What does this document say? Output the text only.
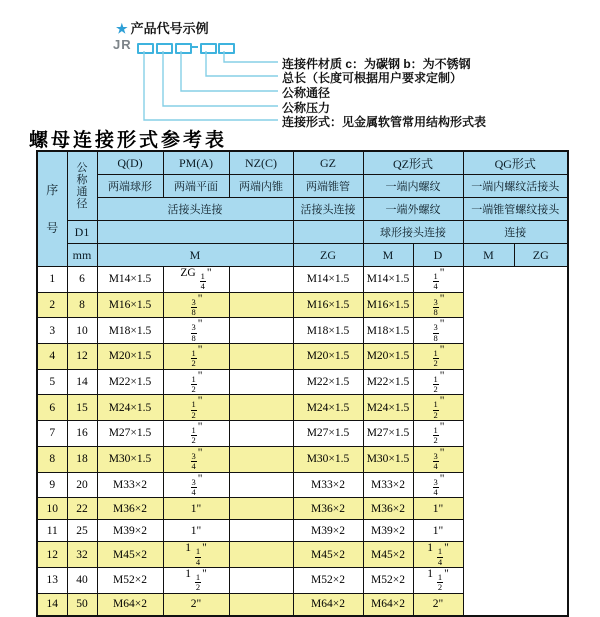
★ 产品代号示例
JR
连接件材质 c：为碳钢 b：为不锈钢
总长（长度可根据用户要求定制）
公称通径
公称压力
连接形式：见金属软管常用结构形式表
螺母连接形式参考表
序
号	公
称
通
径	Q(D)	PM(A)	NZ(C)	GZ	QZ形式		QG形式	
		两端球形	两端平面	两端内锥	两端锥管	一端内螺纹		一端内螺纹活接头	
		活接头连接			活接头连接	一端外螺纹		一端锥管螺纹接头	
	D1					球形接头连接		连接	
	mm	M			ZG	M	D	M	ZG
1	6	M14×1.5	ZG $\frac{1}{4}$ "		M14×1.5	M14×1.5	$\frac{1}{4}$ "		
2	8	M16×1.5	$\frac{3}{8}$ "		M16×1.5	M16×1.5	$\frac{3}{8}$ "		
3	10	M18×1.5	$\frac{3}{8}$ "		M18×1.5	M18×1.5	$\frac{3}{8}$ "		
4	12	M20×1.5	$\frac{1}{2}$ "		M20×1.5	M20×1.5	$\frac{1}{2}$ "		
5	14	M22×1.5	$\frac{1}{2}$ "		M22×1.5	M22×1.5	$\frac{1}{2}$ "		
6	15	M24×1.5	$\frac{1}{2}$ "		M24×1.5	M24×1.5	$\frac{1}{2}$ "		
7	16	M27×1.5	$\frac{1}{2}$ "		M27×1.5	M27×1.5	$\frac{1}{2}$ "		
8	18	M30×1.5	$\frac{3}{4}$ "		M30×1.5	M30×1.5	$\frac{3}{4}$ "		
9	20	M33×2	$\frac{3}{4}$ "		M33×2	M33×2	$\frac{3}{4}$ "		
10	22	M36×2	1"		M36×2	M36×2	1"		
11	25	M39×2	1"		M39×2	M39×2	1"		
12	32	M45×2	$1 \frac{1}{4}$ "		M45×2	M45×2	$1 \frac{1}{4}$ "		
13	40	M52×2	$1 \frac{1}{2}$ "		M52×2	M52×2	$1 \frac{1}{2}$ "		
14	50	M64×2	2"		M64×2	M64×2	2"		
